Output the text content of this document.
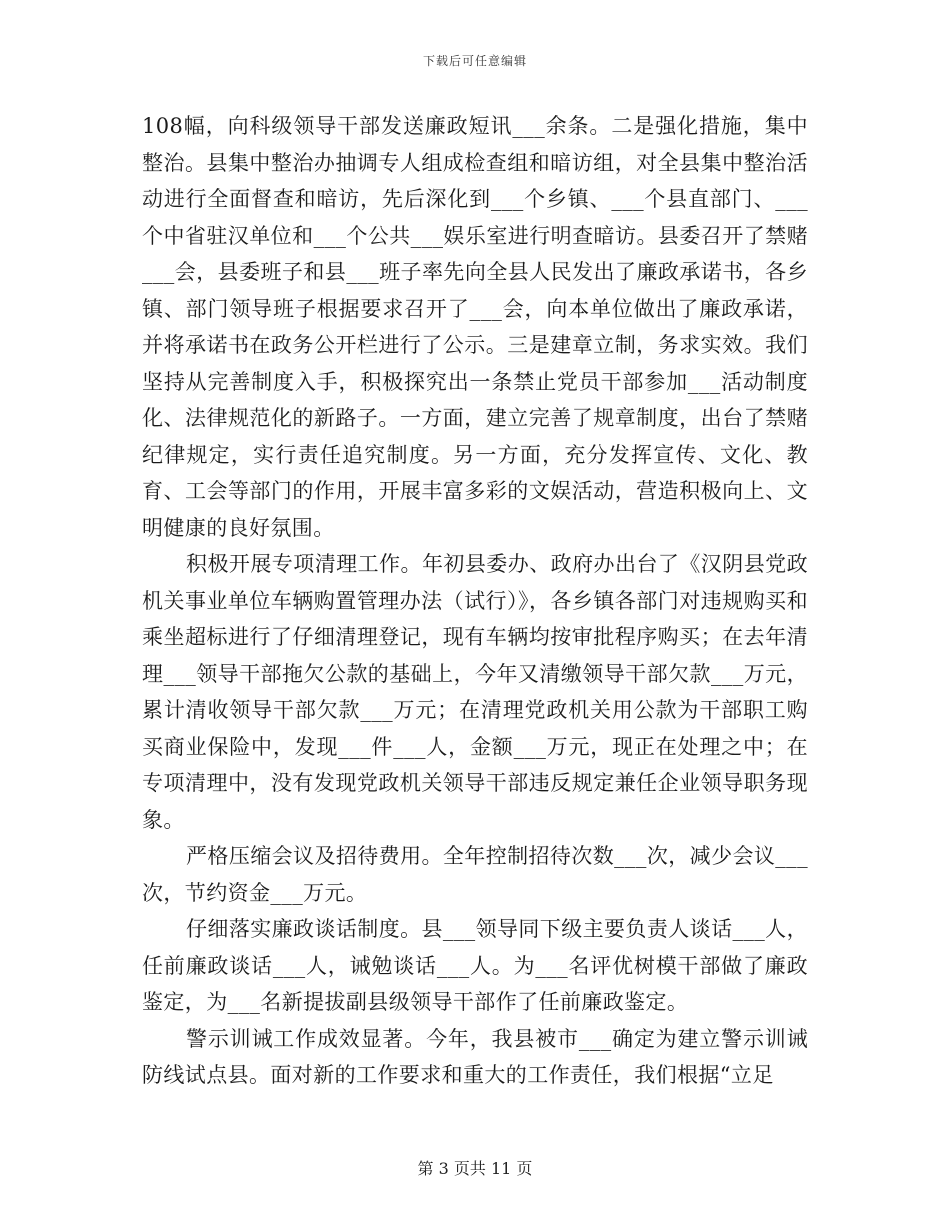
下载后可任意编辑

108幅，向科级领导干部发送廉政短讯___余条。二是强化措施，集中整治。县集中整治办抽调专人组成检查组和暗访组，对全县集中整治活动进行全面督查和暗访，先后深化到___个乡镇、___个县直部门、___个中省驻汉单位和___个公共___娱乐室进行明查暗访。县委召开了禁赌___会，县委班子和县___班子率先向全县人民发出了廉政承诺书，各乡镇、部门领导班子根据要求召开了___会，向本单位做出了廉政承诺，并将承诺书在政务公开栏进行了公示。三是建章立制，务求实效。我们坚持从完善制度入手，积极探究出一条禁止党员干部参加___活动制度化、法律规范化的新路子。一方面，建立完善了规章制度，出台了禁赌纪律规定，实行责任追究制度。另一方面，充分发挥宣传、文化、教育、工会等部门的作用，开展丰富多彩的文娱活动，营造积极向上、文明健康的良好氛围。

积极开展专项清理工作。年初县委办、政府办出台了《汉阴县党政机关事业单位车辆购置管理办法（试行）》，各乡镇各部门对违规购买和乘坐超标进行了仔细清理登记，现有车辆均按审批程序购买；在去年清理___领导干部拖欠公款的基础上，今年又清缴领导干部欠款___万元，累计清收领导干部欠款___万元；在清理党政机关用公款为干部职工购买商业保险中，发现___件___人，金额___万元，现正在处理之中；在专项清理中，没有发现党政机关领导干部违反规定兼任企业领导职务现象。

严格压缩会议及招待费用。全年控制招待次数___次，减少会议___次，节约资金___万元。

仔细落实廉政谈话制度。县___领导同下级主要负责人谈话___人，任前廉政谈话___人，诫勉谈话___人。为___名评优树模干部做了廉政鉴定，为___名新提拔副县级领导干部作了任前廉政鉴定。

警示训诫工作成效显著。今年，我县被市___确定为建立警示训诫防线试点县。面对新的工作要求和重大的工作责任，我们根据“立足

第 3 页共 11 页
